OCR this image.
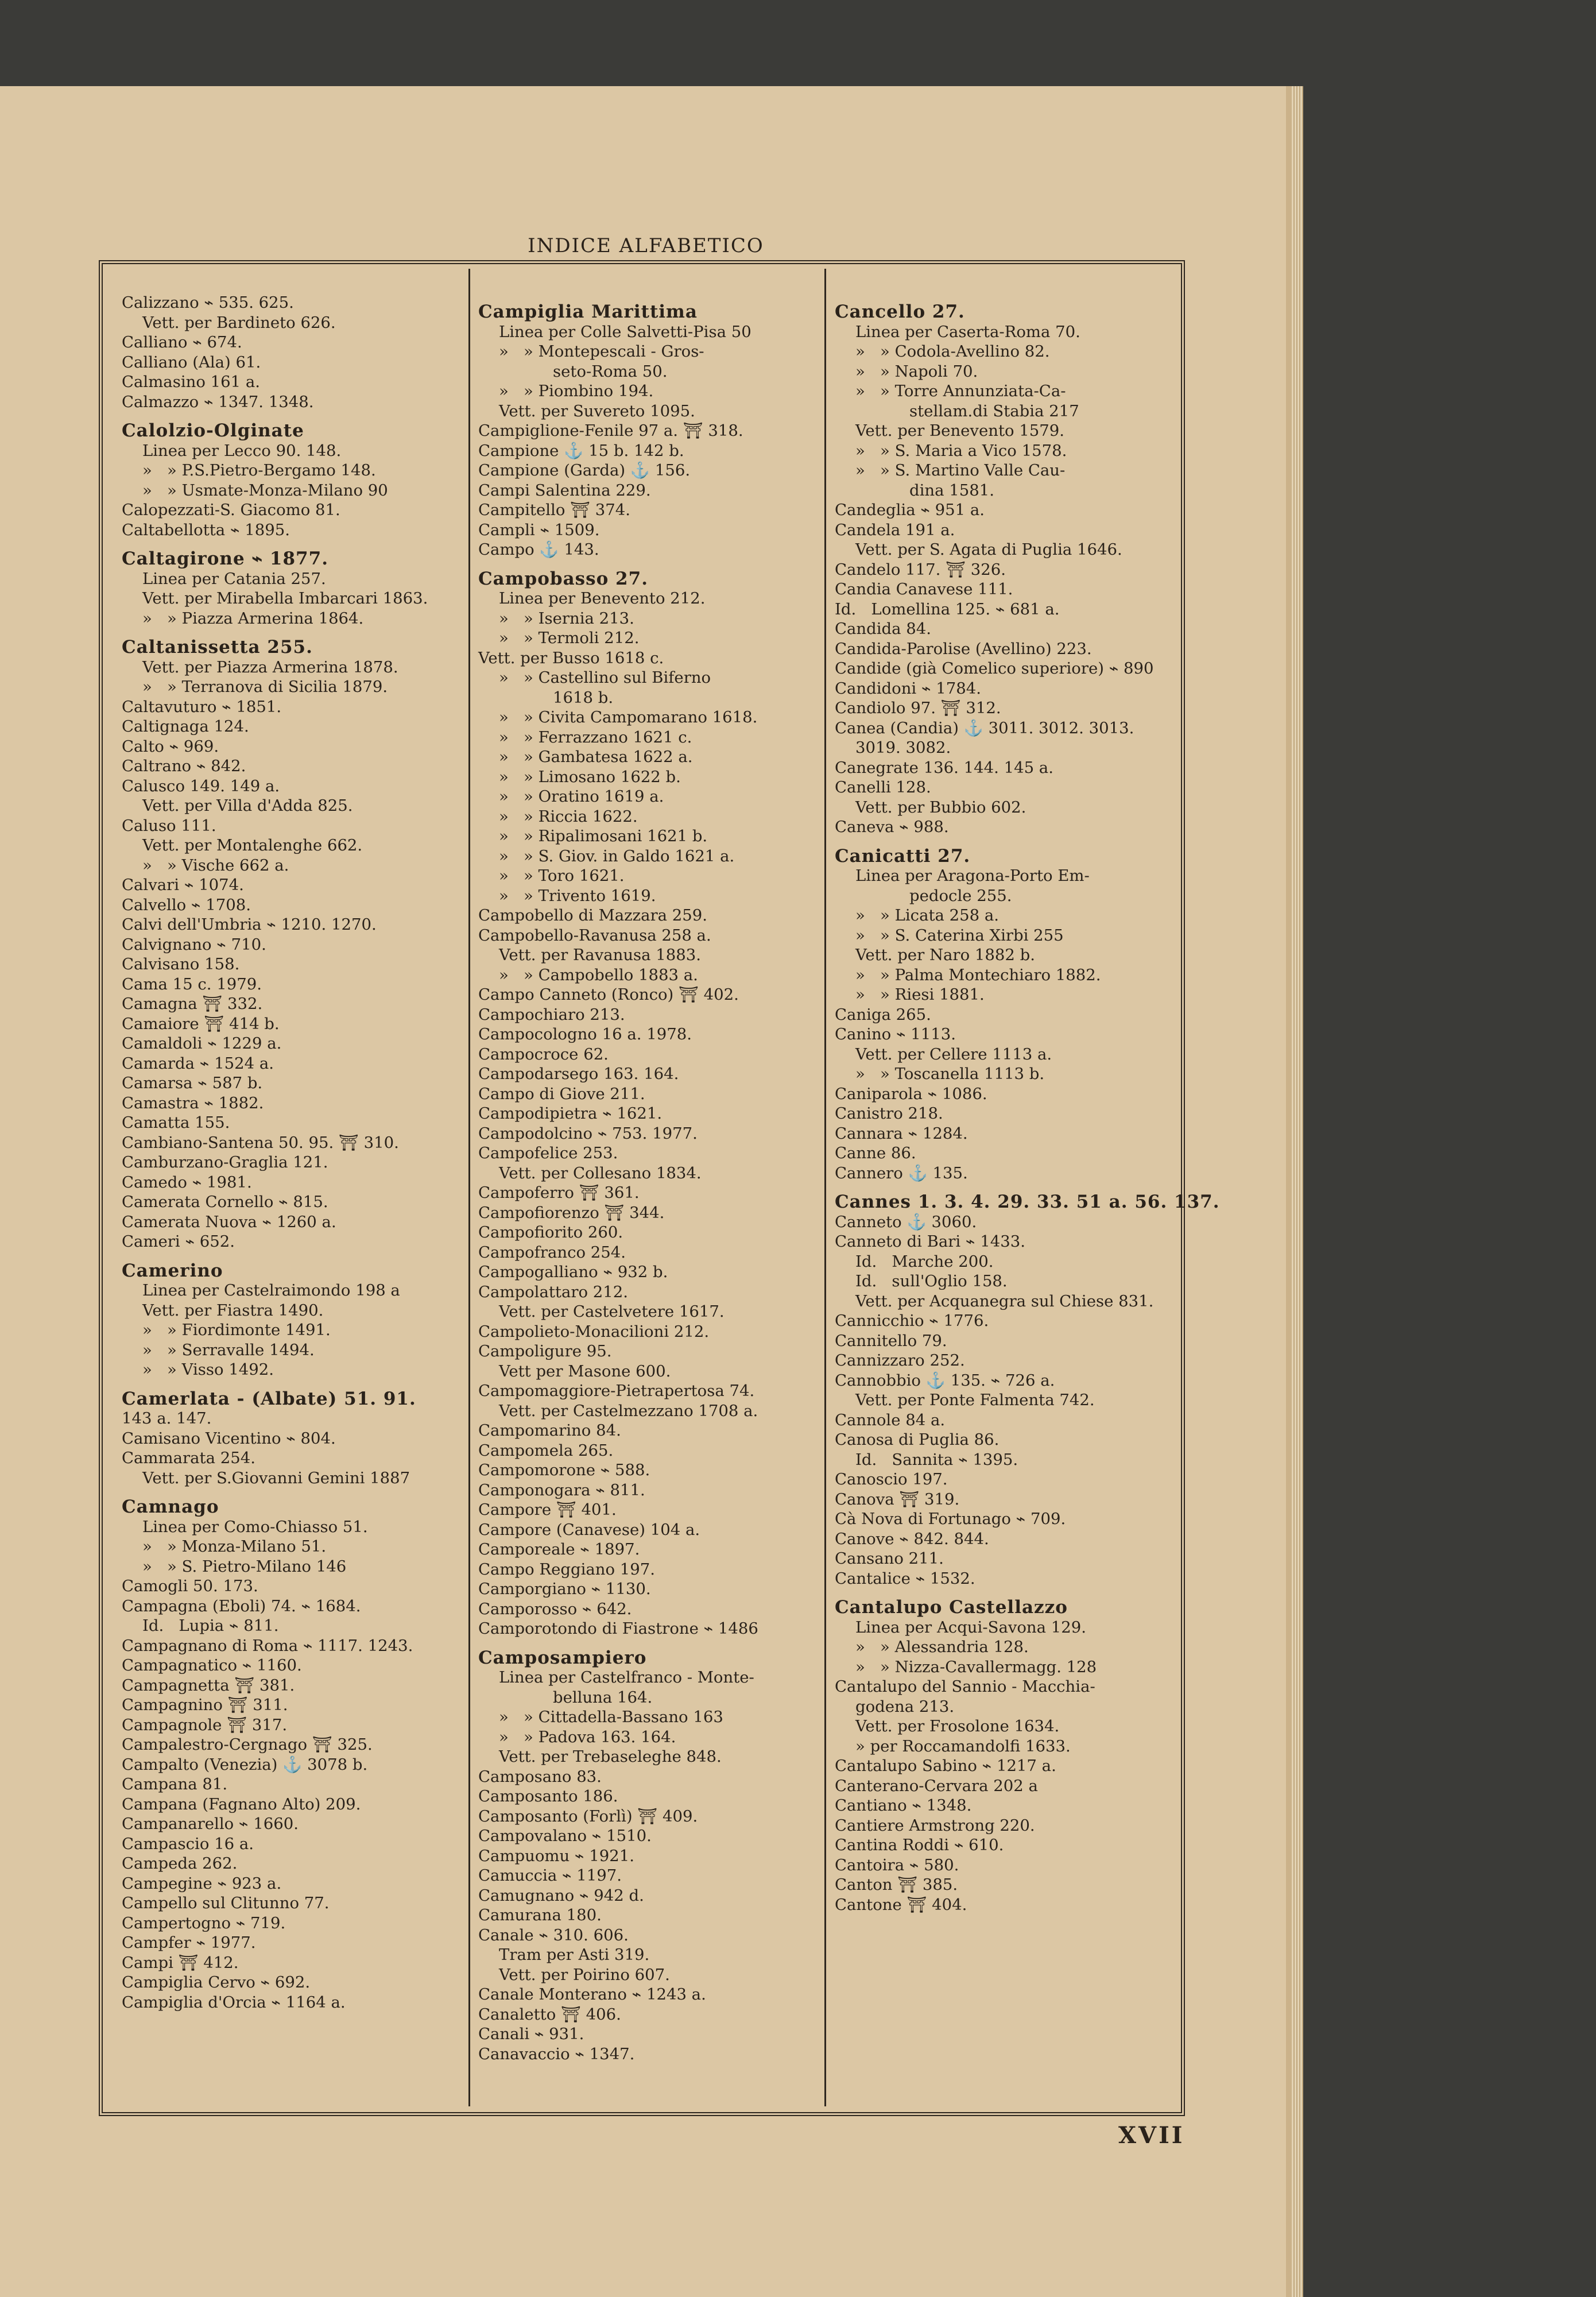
INDICE ALFABETICO

Calizzano ⌁ 535. 625.

Vett. per Bardineto 626.

Calliano ⌁ 674.

Calliano (Ala) 61.

Calmasino 161 a.

Calmazzo ⌁ 1347. 1348.

Calolzio-Olginate

Linea per Lecco 90. 148.

»   » P.S.Pietro-Bergamo 148.

»   » Usmate-Monza-Milano 90

Calopezzati-S. Giacomo 81.

Caltabellotta ⌁ 1895.

Caltagirone ⌁ 1877.

Linea per Catania 257.

Vett. per Mirabella Imbarcari 1863.

»   » Piazza Armerina 1864.

Caltanissetta 255.

Vett. per Piazza Armerina 1878.

»   » Terranova di Sicilia 1879.

Caltavuturo ⌁ 1851.

Caltignaga 124.

Calto ⌁ 969.

Caltrano ⌁ 842.

Calusco 149. 149 a.

Vett. per Villa d'Adda 825.

Caluso 111.

Vett. per Montalenghe 662.

»   » Vische 662 a.

Calvari ⌁ 1074.

Calvello ⌁ 1708.

Calvi dell'Umbria ⌁ 1210. 1270.

Calvignano ⌁ 710.

Calvisano 158.

Cama 15 c. 1979.

Camagna ⛩ 332.

Camaiore ⛩ 414 b.

Camaldoli ⌁ 1229 a.

Camarda ⌁ 1524 a.

Camarsa ⌁ 587 b.

Camastra ⌁ 1882.

Camatta 155.

Cambiano-Santena 50. 95. ⛩ 310.

Camburzano-Graglia 121.

Camedo ⌁ 1981.

Camerata Cornello ⌁ 815.

Camerata Nuova ⌁ 1260 a.

Cameri ⌁ 652.

Camerino

Linea per Castelraimondo 198 a

Vett. per Fiastra 1490.

»   » Fiordimonte 1491.

»   » Serravalle 1494.

»   » Visso 1492.

Camerlata - (Albate) 51. 91.

143 a. 147.

Camisano Vicentino ⌁ 804.

Cammarata 254.

Vett. per S.Giovanni Gemini 1887

Camnago

Linea per Como-Chiasso 51.

»   » Monza-Milano 51.

»   » S. Pietro-Milano 146

Camogli 50. 173.

Campagna (Eboli) 74. ⌁ 1684.

Id.   Lupia ⌁ 811.

Campagnano di Roma ⌁ 1117. 1243.

Campagnatico ⌁ 1160.

Campagnetta ⛩ 381.

Campagnino ⛩ 311.

Campagnole ⛩ 317.

Campalestro-Cergnago ⛩ 325.

Campalto (Venezia) ⚓ 3078 b.

Campana 81.

Campana (Fagnano Alto) 209.

Campanarello ⌁ 1660.

Campascio 16 a.

Campeda 262.

Campegine ⌁ 923 a.

Campello sul Clitunno 77.

Campertogno ⌁ 719.

Campfer ⌁ 1977.

Campi ⛩ 412.

Campiglia Cervo ⌁ 692.

Campiglia d'Orcia ⌁ 1164 a.

Campiglia Marittima

Linea per Colle Salvetti-Pisa 50

»   » Montepescali - Gros-

seto-Roma 50.

»   » Piombino 194.

Vett. per Suvereto 1095.

Campiglione-Fenile 97 a. ⛩ 318.

Campione ⚓ 15 b. 142 b.

Campione (Garda) ⚓ 156.

Campi Salentina 229.

Campitello ⛩ 374.

Campli ⌁ 1509.

Campo ⚓ 143.

Campobasso 27.

Linea per Benevento 212.

»   » Isernia 213.

»   » Termoli 212.

Vett. per Busso 1618 c.

»   » Castellino sul Biferno

1618 b.

»   » Civita Campomarano 1618.

»   » Ferrazzano 1621 c.

»   » Gambatesa 1622 a.

»   » Limosano 1622 b.

»   » Oratino 1619 a.

»   » Riccia 1622.

»   » Ripalimosani 1621 b.

»   » S. Giov. in Galdo 1621 a.

»   » Toro 1621.

»   » Trivento 1619.

Campobello di Mazzara 259.

Campobello-Ravanusa 258 a.

Vett. per Ravanusa 1883.

»   » Campobello 1883 a.

Campo Canneto (Ronco) ⛩ 402.

Campochiaro 213.

Campocologno 16 a. 1978.

Campocroce 62.

Campodarsego 163. 164.

Campo di Giove 211.

Campodipietra ⌁ 1621.

Campodolcino ⌁ 753. 1977.

Campofelice 253.

Vett. per Collesano 1834.

Campoferro ⛩ 361.

Campofiorenzo ⛩ 344.

Campofiorito 260.

Campofranco 254.

Campogalliano ⌁ 932 b.

Campolattaro 212.

Vett. per Castelvetere 1617.

Campolieto-Monacilioni 212.

Campoligure 95.

Vett per Masone 600.

Campomaggiore-Pietrapertosa 74.

Vett. per Castelmezzano 1708 a.

Campomarino 84.

Campomela 265.

Campomorone ⌁ 588.

Camponogara ⌁ 811.

Campore ⛩ 401.

Campore (Canavese) 104 a.

Camporeale ⌁ 1897.

Campo Reggiano 197.

Camporgiano ⌁ 1130.

Camporosso ⌁ 642.

Camporotondo di Fiastrone ⌁ 1486

Camposampiero

Linea per Castelfranco - Monte-

belluna 164.

»   » Cittadella-Bassano 163

»   » Padova 163. 164.

Vett. per Trebaseleghe 848.

Camposano 83.

Camposanto 186.

Camposanto (Forlì) ⛩ 409.

Campovalano ⌁ 1510.

Campuomu ⌁ 1921.

Camuccia ⌁ 1197.

Camugnano ⌁ 942 d.

Camurana 180.

Canale ⌁ 310. 606.

Tram per Asti 319.

Vett. per Poirino 607.

Canale Monterano ⌁ 1243 a.

Canaletto ⛩ 406.

Canali ⌁ 931.

Canavaccio ⌁ 1347.

Cancello 27.

Linea per Caserta-Roma 70.

»   » Codola-Avellino 82.

»   » Napoli 70.

»   » Torre Annunziata-Ca-

stellam.di Stabia 217

Vett. per Benevento 1579.

»   » S. Maria a Vico 1578.

»   » S. Martino Valle Cau-

dina 1581.

Candeglia ⌁ 951 a.

Candela 191 a.

Vett. per S. Agata di Puglia 1646.

Candelo 117. ⛩ 326.

Candia Canavese 111.

Id.   Lomellina 125. ⌁ 681 a.

Candida 84.

Candida-Parolise (Avellino) 223.

Candide (già Comelico superiore) ⌁ 890

Candidoni ⌁ 1784.

Candiolo 97. ⛩ 312.

Canea (Candia) ⚓ 3011. 3012. 3013.

3019. 3082.

Canegrate 136. 144. 145 a.

Canelli 128.

Vett. per Bubbio 602.

Caneva ⌁ 988.

Canicatti 27.

Linea per Aragona-Porto Em-

pedocle 255.

»   » Licata 258 a.

»   » S. Caterina Xirbi 255

Vett. per Naro 1882 b.

»   » Palma Montechiaro 1882.

»   » Riesi 1881.

Caniga 265.

Canino ⌁ 1113.

Vett. per Cellere 1113 a.

»   » Toscanella 1113 b.

Caniparola ⌁ 1086.

Canistro 218.

Cannara ⌁ 1284.

Canne 86.

Cannero ⚓ 135.

Cannes 1. 3. 4. 29. 33. 51 a. 56. 137.

Canneto ⚓ 3060.

Canneto di Bari ⌁ 1433.

Id.   Marche 200.

Id.   sull'Oglio 158.

Vett. per Acquanegra sul Chiese 831.

Cannicchio ⌁ 1776.

Cannitello 79.

Cannizzaro 252.

Cannobbio ⚓ 135. ⌁ 726 a.

Vett. per Ponte Falmenta 742.

Cannole 84 a.

Canosa di Puglia 86.

Id.   Sannita ⌁ 1395.

Canoscio 197.

Canova ⛩ 319.

Cà Nova di Fortunago ⌁ 709.

Canove ⌁ 842. 844.

Cansano 211.

Cantalice ⌁ 1532.

Cantalupo Castellazzo

Linea per Acqui-Savona 129.

»   » Alessandria 128.

»   » Nizza-Cavallermagg. 128

Cantalupo del Sannio - Macchia-

godena 213.

Vett. per Frosolone 1634.

» per Roccamandolfi 1633.

Cantalupo Sabino ⌁ 1217 a.

Canterano-Cervara 202 a

Cantiano ⌁ 1348.

Cantiere Armstrong 220.

Cantina Roddi ⌁ 610.

Cantoira ⌁ 580.

Canton ⛩ 385.

Cantone ⛩ 404.

XVII
